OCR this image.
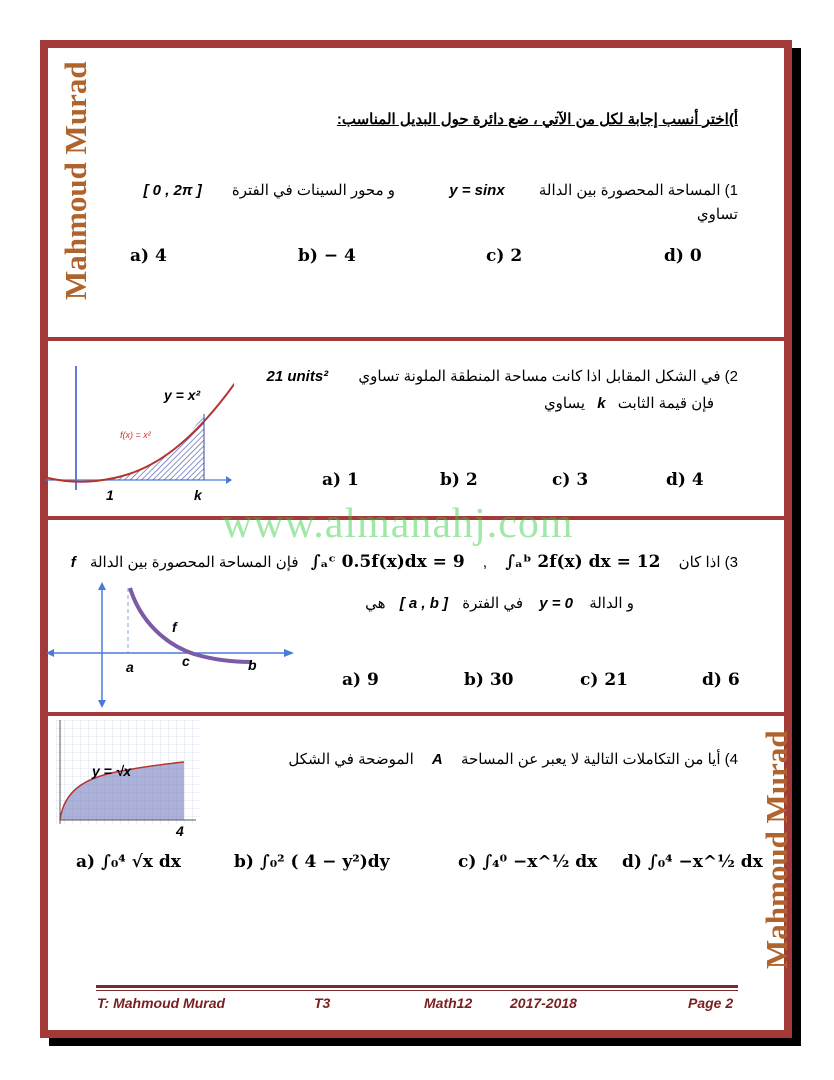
Mahmoud Murad
Mahmoud Murad
أ)اختر أنسب إجابة لكل من الآتي ، ضع دائرة حول البديل المناسب:
1) المساحة المحصورة بين الدالة y = sinx و محور السينات في الفترة [ 0 , 2π ]
تساوي
a) 4	b) − 4	c) 2	d) 0
y = x²
f(x) = x²
1	k
2) في الشكل المقابل اذا كانت مساحة المنطقة الملونة تساوي 21 units²
فإن قيمة الثابت k يساوي
a) 1	b) 2	c) 3	d) 4
www.almanahj.com
3) اذا كان ∫ₐᵇ 2f(x) dx = 12 , ∫ₐᶜ 0.5f(x)dx = 9 فإن المساحة المحصورة بين الدالة f
و الدالة y = 0 في الفترة [ a , b ] هي
f
a	c	b
a) 9	b) 30	c) 21	d) 6
y = √x
4
4) أيا من التكاملات التالية لا يعبر عن المساحة A الموضحة في الشكل
a) ∫₀⁴ √x dx	b) ∫₀² ( 4 − y²)dy	c) ∫₄⁰ −x^½ dx d) ∫₀⁴ −x^½ dx
T: Mahmoud Murad	T3	Math12	2017-2018	Page 2
